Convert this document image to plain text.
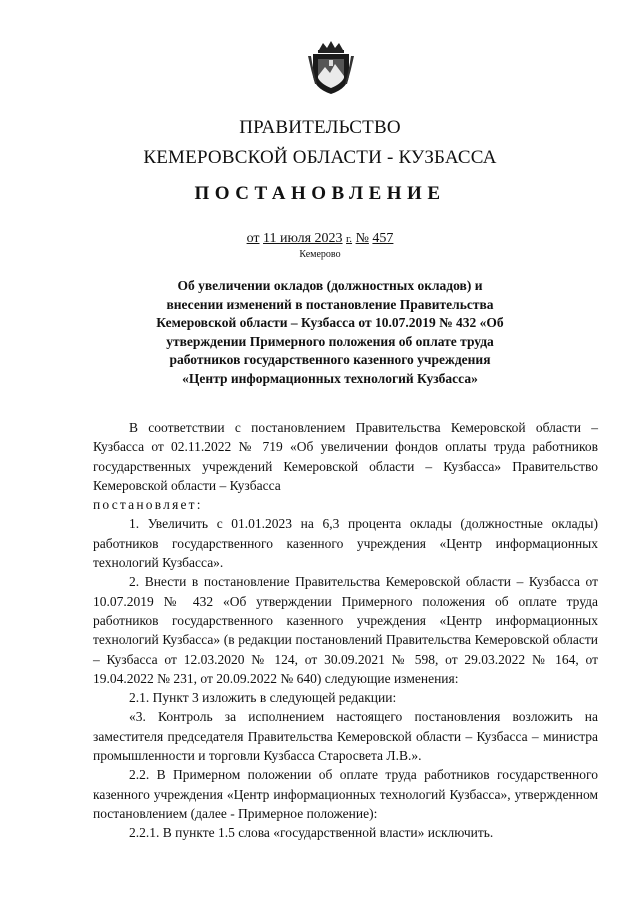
ПРАВИТЕЛЬСТВО
КЕМЕРОВСКОЙ ОБЛАСТИ - КУЗБАССА
ПОСТАНОВЛЕНИЕ
от 11 июля 2023 г. № 457
Кемерово
Об увеличении окладов (должностных окладов) и внесении изменений в постановление Правительства Кемеровской области – Кузбасса от 10.07.2019 № 432 «Об утверждении Примерного положения об оплате труда работников государственного казенного учреждения «Центр информационных технологий Кузбасса»

В соответствии с постановлением Правительства Кемеровской области – Кузбасса от 02.11.2022 № 719 «Об увеличении фондов оплаты труда работников государственных учреждений Кемеровской области – Кузбасса» Правительство Кемеровской области – Кузбасса

постановляет:

1. Увеличить с 01.01.2023 на 6,3 процента оклады (должностные оклады) работников государственного казенного учреждения «Центр информационных технологий Кузбасса».

2. Внести в постановление Правительства Кемеровской области – Кузбасса от 10.07.2019 № 432 «Об утверждении Примерного положения об оплате труда работников государственного казенного учреждения «Центр информационных технологий Кузбасса» (в редакции постановлений Правительства Кемеровской области – Кузбасса от 12.03.2020 № 124, от 30.09.2021 № 598, от 29.03.2022 № 164, от 19.04.2022 № 231, от 20.09.2022 № 640) следующие изменения:

2.1. Пункт 3 изложить в следующей редакции:

«3. Контроль за исполнением настоящего постановления возложить на заместителя председателя Правительства Кемеровской области – Кузбасса – министра промышленности и торговли Кузбасса Старосвета Л.В.».

2.2. В Примерном положении об оплате труда работников государственного казенного учреждения «Центр информационных технологий Кузбасса», утвержденном постановлением (далее - Примерное положение):

2.2.1. В пункте 1.5 слова «государственной власти» исключить.
